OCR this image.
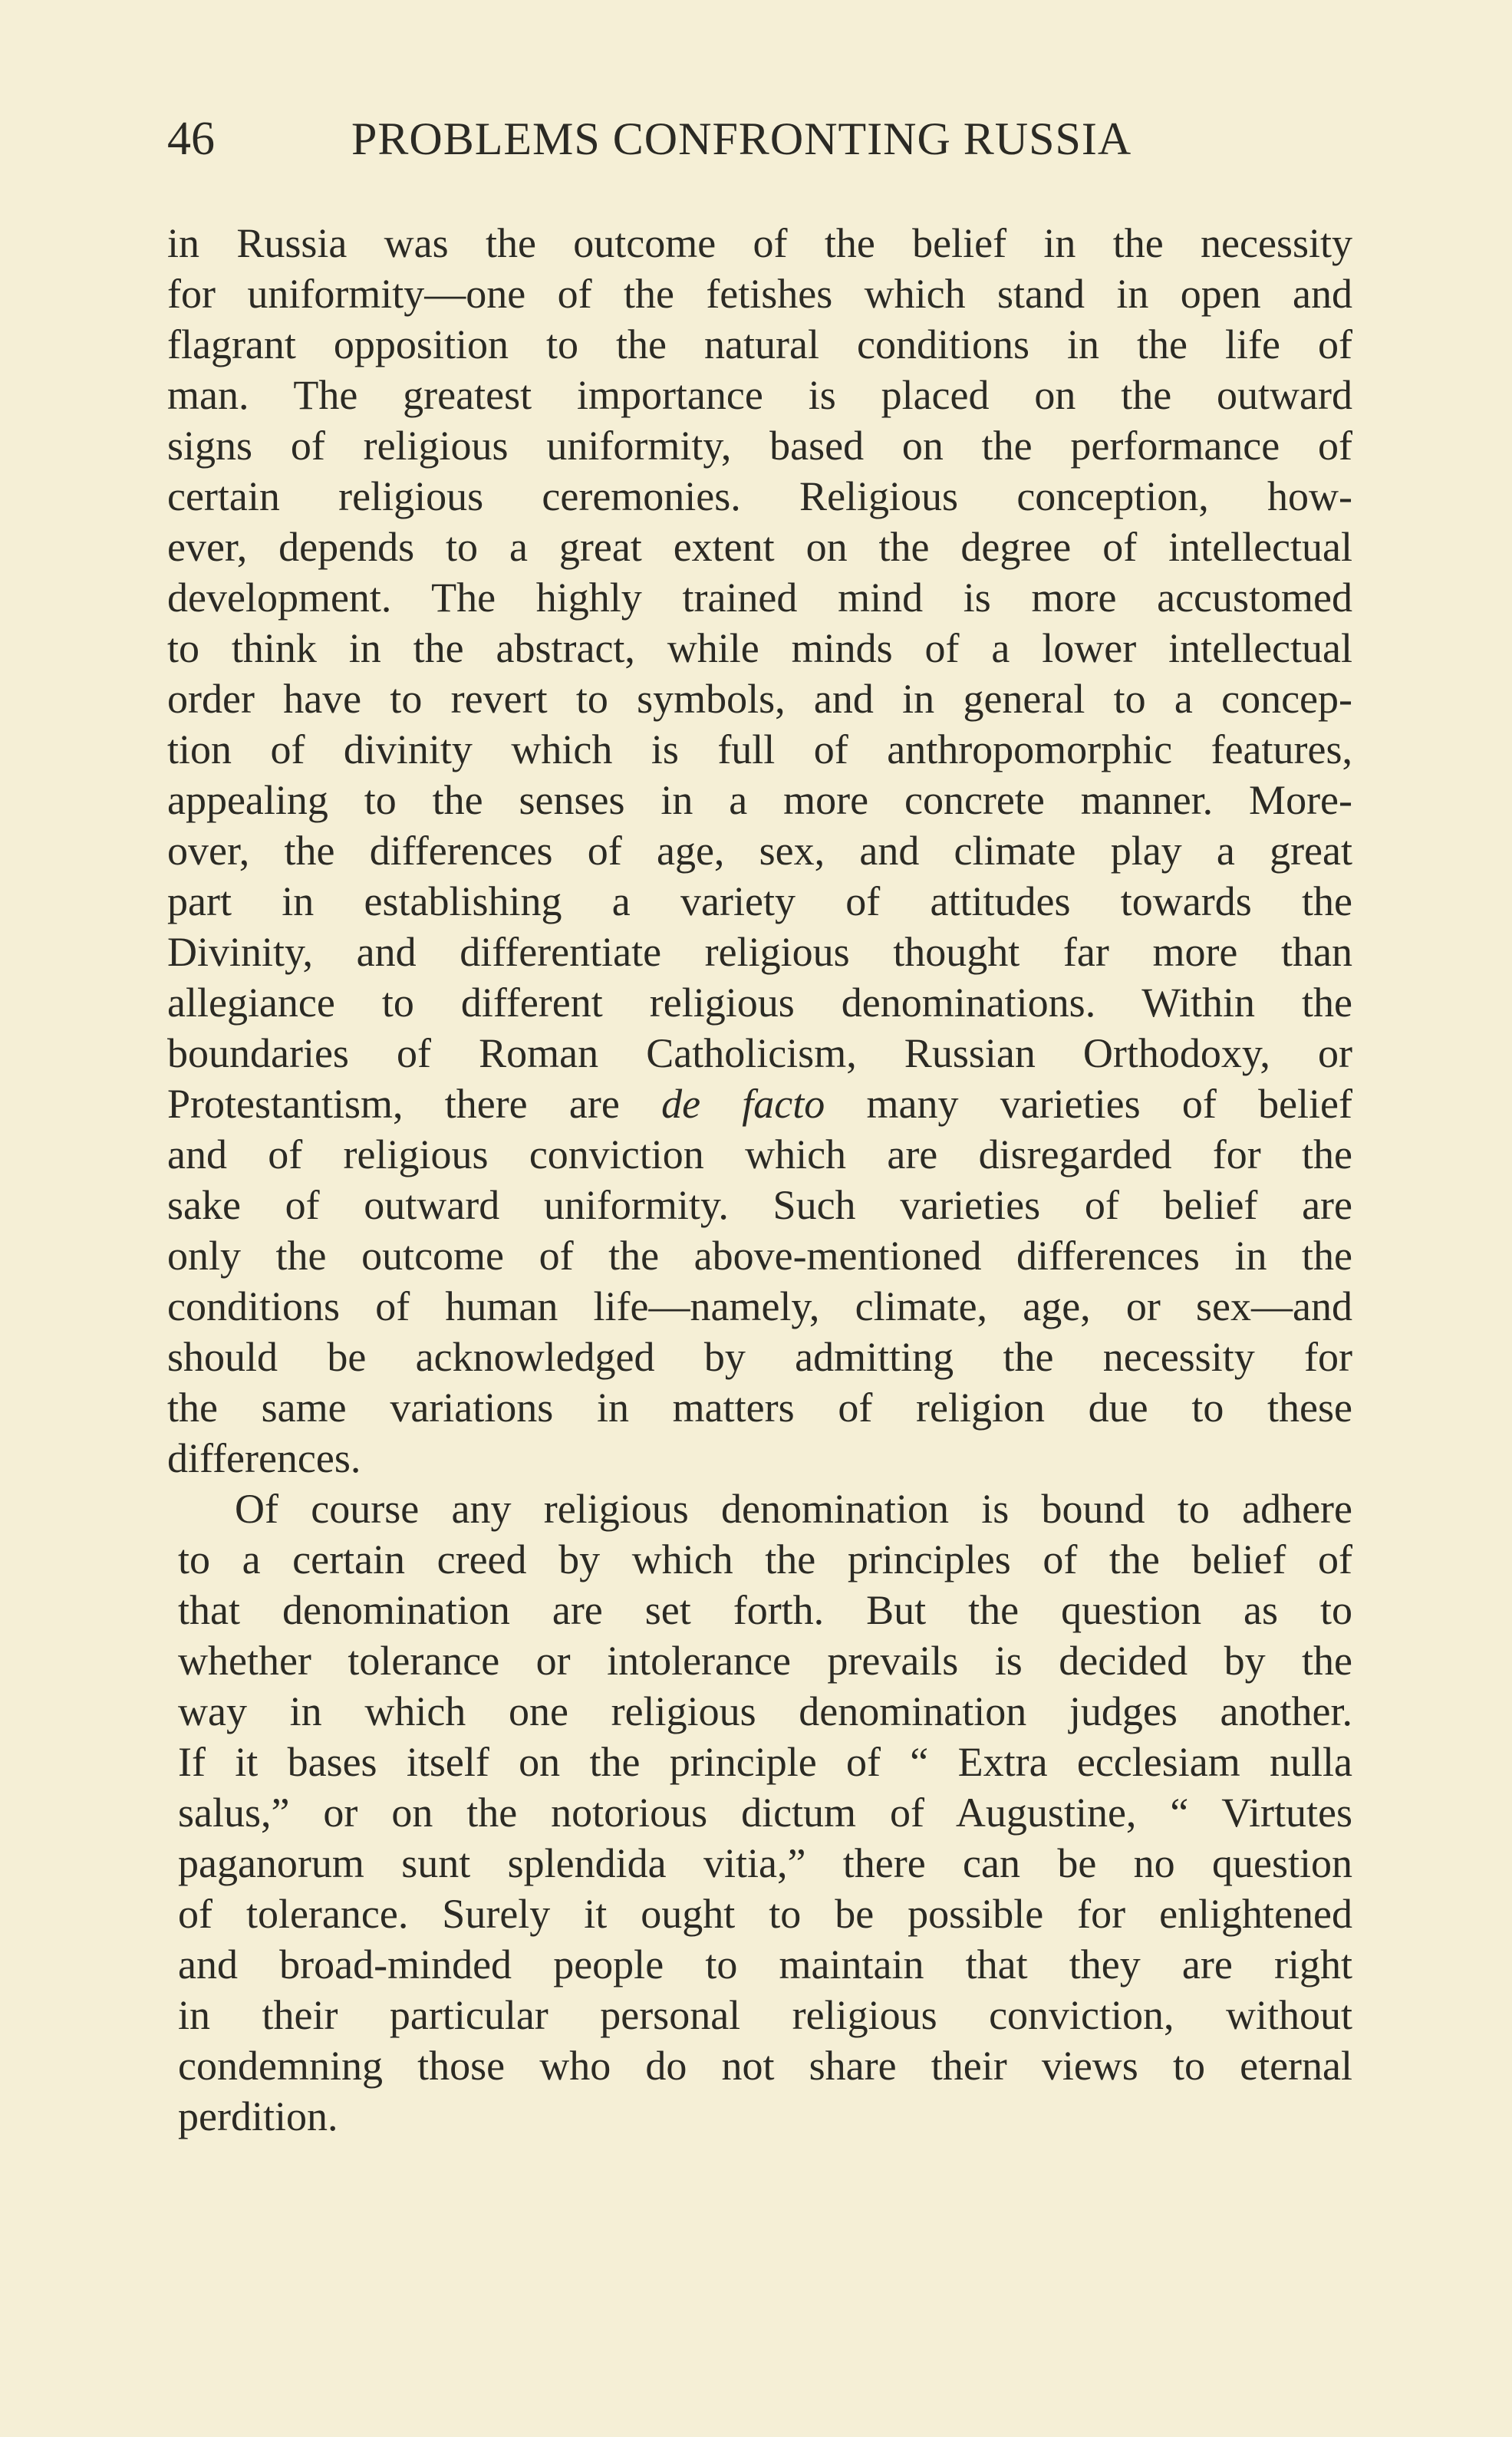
46	PROBLEMS CONFRONTING RUSSIA
in Russia was the outcome of the belief in the necessity
for uniformity—one of the fetishes which stand in open and
flagrant opposition to the natural conditions in the life of
man. The greatest importance is placed on the outward
signs of religious uniformity, based on the performance of
certain religious ceremonies. Religious conception, how-
ever, depends to a great extent on the degree of intellectual
development. The highly trained mind is more accustomed
to think in the abstract, while minds of a lower intellectual
order have to revert to symbols, and in general to a concep-
tion of divinity which is full of anthropomorphic features,
appealing to the senses in a more concrete manner. More-
over, the differences of age, sex, and climate play a great
part in establishing a variety of attitudes towards the
Divinity, and differentiate religious thought far more than
allegiance to different religious denominations. Within the
boundaries of Roman Catholicism, Russian Orthodoxy, or
Protestantism, there are de facto many varieties of belief
and of religious conviction which are disregarded for the
sake of outward uniformity. Such varieties of belief are
only the outcome of the above-mentioned differences in the
conditions of human life—namely, climate, age, or sex—and
should be acknowledged by admitting the necessity for
the same variations in matters of religion due to these
differences.
Of course any religious denomination is bound to adhere
to a certain creed by which the principles of the belief of
that denomination are set forth. But the question as to
whether tolerance or intolerance prevails is decided by the
way in which one religious denomination judges another.
If it bases itself on the principle of “ Extra ecclesiam nulla
salus,” or on the notorious dictum of Augustine, “ Virtutes
paganorum sunt splendida vitia,” there can be no question
of tolerance. Surely it ought to be possible for enlightened
and broad-minded people to maintain that they are right
in their particular personal religious conviction, without
condemning those who do not share their views to eternal
perdition.
